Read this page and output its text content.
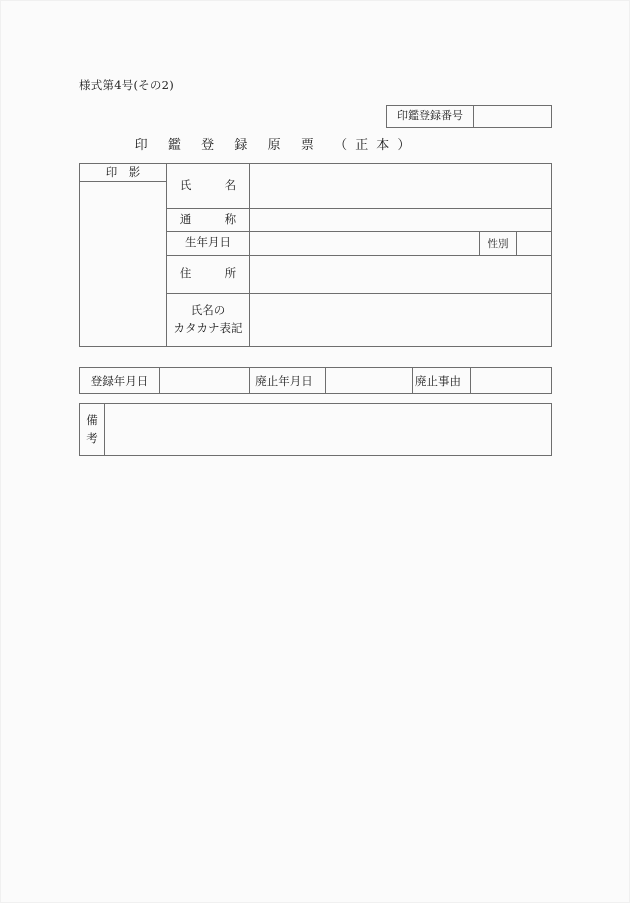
様式第4号(その2)
印鑑登録番号
印 鑑 登 録 原 票 （正本）
印　影
氏　名
通　称
生年月日	性別
住　所
氏名の
カタカナ表記
登録年月日	廃止年月日	廃止事由
備
考
